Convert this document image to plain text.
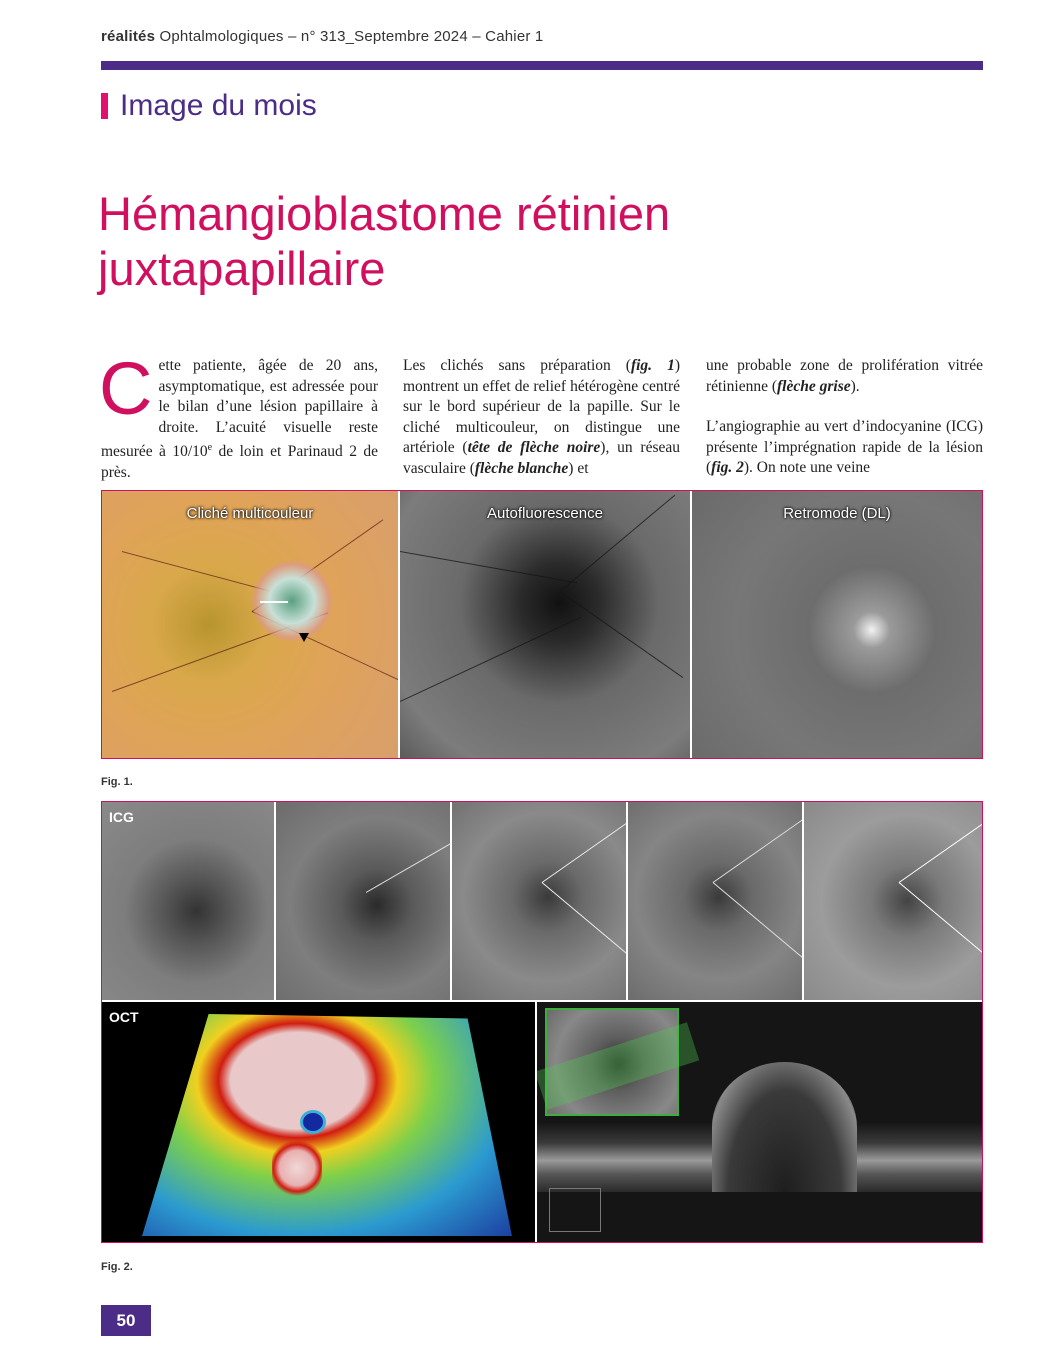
réalités Ophtalmologiques – n° 313_Septembre 2024 – Cahier 1
Image du mois
Hémangioblastome rétinien
juxtapapillaire
Cette patiente, âgée de 20 ans, asymptomatique, est adressée pour le bilan d’une lésion papillaire à droite. L’acuité visuelle reste mesurée à 10/10e de loin et Parinaud 2 de près.
Les clichés sans préparation (fig. 1) montrent un effet de relief hétérogène centré sur le bord supérieur de la papille. Sur le cliché multicouleur, on distingue une artériole (tête de flèche noire), un réseau vasculaire (flèche blanche) et
une probable zone de prolifération vitrée rétinienne (flèche grise).
L’angiographie au vert d’indocyanine (ICG) présente l’imprégnation rapide de la lésion (fig. 2). On note une veine
Cliché multicouleur	Autofluorescence	Retromode (DL)
Fig. 1.
ICG
OCT
Fig. 2.
50
